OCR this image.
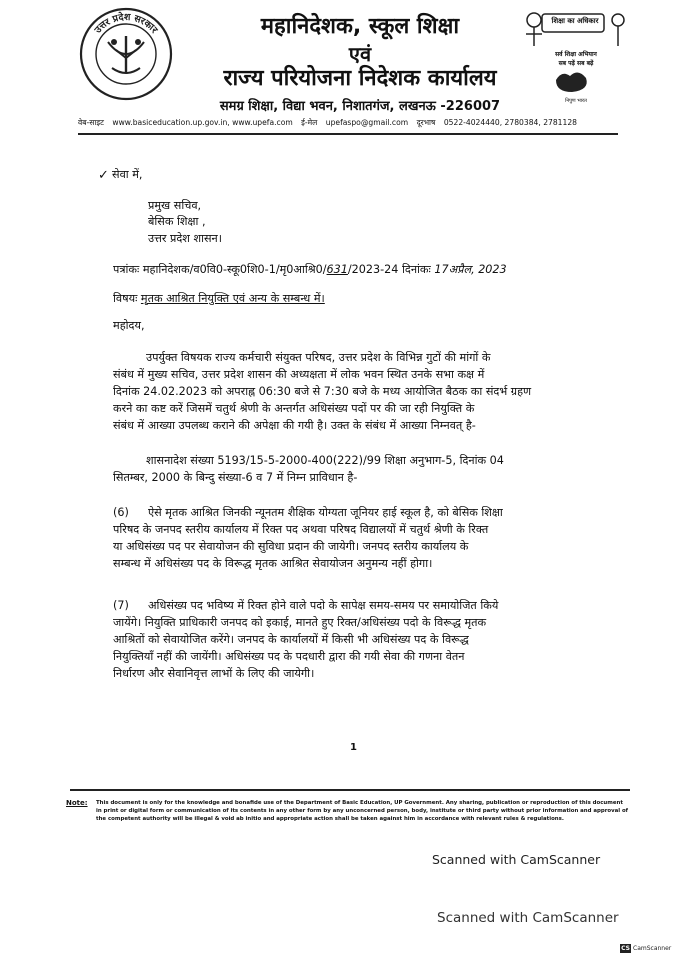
उत्तर प्रदेश सरकार	महानिदेशक, स्कूल शिक्षा
एवं
राज्य परियोजना निदेशक कार्यालय
समग्र शिक्षा, विद्या भवन, निशातगंज, लखनऊ -226007
शिक्षा का अधिकार
सर्व शिक्षा अभियान
सब पढ़ें सब बढ़ें
निपुण भारत
वेब-साइट www.basiceducation.up.gov.in, www.upefa.com ई-मेल upefaspo@gmail.com दूरभाष 0522-4024440, 2780384, 2781128
✓ सेवा में,
प्रमुख सचिव,
बेसिक शिक्षा ,
उत्तर प्रदेश शासन।
पत्रांकः महानिदेशक/व0वि0-स्कू0शि0-1/मृ0आश्रि0/631/2023-24 दिनांकः 17अप्रैल, 2023
विषयः मृतक आश्रित नियुक्ति एवं अन्य के सम्बन्ध में।
महोदय,
उपर्युक्त विषयक राज्य कर्मचारी संयुक्त परिषद, उत्तर प्रदेश के विभिन्न गुटों की मांगों के
संबंध में मुख्य सचिव, उत्तर प्रदेश शासन की अध्यक्षता में लोक भवन स्थित उनके सभा कक्ष में
दिनांक 24.02.2023 को अपराह्न 06:30 बजे से 7:30 बजे के मध्य आयोजित बैठक का संदर्भ ग्रहण
करने का कष्ट करें जिसमें चतुर्थ श्रेणी के अन्तर्गत अधिसंख्य पदों पर की जा रही नियुक्ति के
संबंध में आख्या उपलब्ध कराने की अपेक्षा की गयी है। उक्त के संबंध में आख्या निम्नवत् है-
शासनादेश संख्या 5193/15-5-2000-400(222)/99 शिक्षा अनुभाग-5, दिनांक 04
सितम्बर, 2000 के बिन्दु संख्या-6 व 7 में निम्न प्राविधान है-
(6) ऐसे मृतक आश्रित जिनकी न्यूनतम शैक्षिक योग्यता जूनियर हाई स्कूल है, को बेसिक शिक्षा
परिषद के जनपद स्तरीय कार्यालय में रिक्त पद अथवा परिषद विद्यालयों में चतुर्थ श्रेणी के रिक्त
या अधिसंख्य पद पर सेवायोजन की सुविधा प्रदान की जायेगी। जनपद स्तरीय कार्यालय के
सम्बन्ध में अधिसंख्य पद के विरूद्ध मृतक आश्रित सेवायोजन अनुमन्य नहीं होगा।
(7) अधिसंख्य पद भविष्य में रिक्त होने वाले पदो के सापेक्ष समय-समय पर समायोजित किये
जायेंगे। नियुक्ति प्राधिकारी जनपद को इकाई, मानते हुए रिक्त/अधिसंख्य पदो के विरूद्ध मृतक
आश्रितों को सेवायोजित करेंगे। जनपद के कार्यालयों में किसी भी अधिसंख्य पद के विरूद्ध
नियुक्तियाँ नहीं की जायेंगी। अधिसंख्य पद के पदधारी द्वारा की गयी सेवा की गणना वेतन
निर्धारण और सेवानिवृत्त लाभों के लिए की जायेगी।
1
Note: This document is only for the knowledge and bonafide use of the Department of Basic Education, UP Government. Any sharing, publication or reproduction of this document in print or digital form or communication of its contents in any other form by any unconcerned person, body, institute or third party without prior information and approval of the competent authority will be illegal & void ab initio and appropriate action shall be taken against him in accordance with relevant rules & regulations.
Scanned with CamScanner
Scanned with CamScanner
CS CamScanner
